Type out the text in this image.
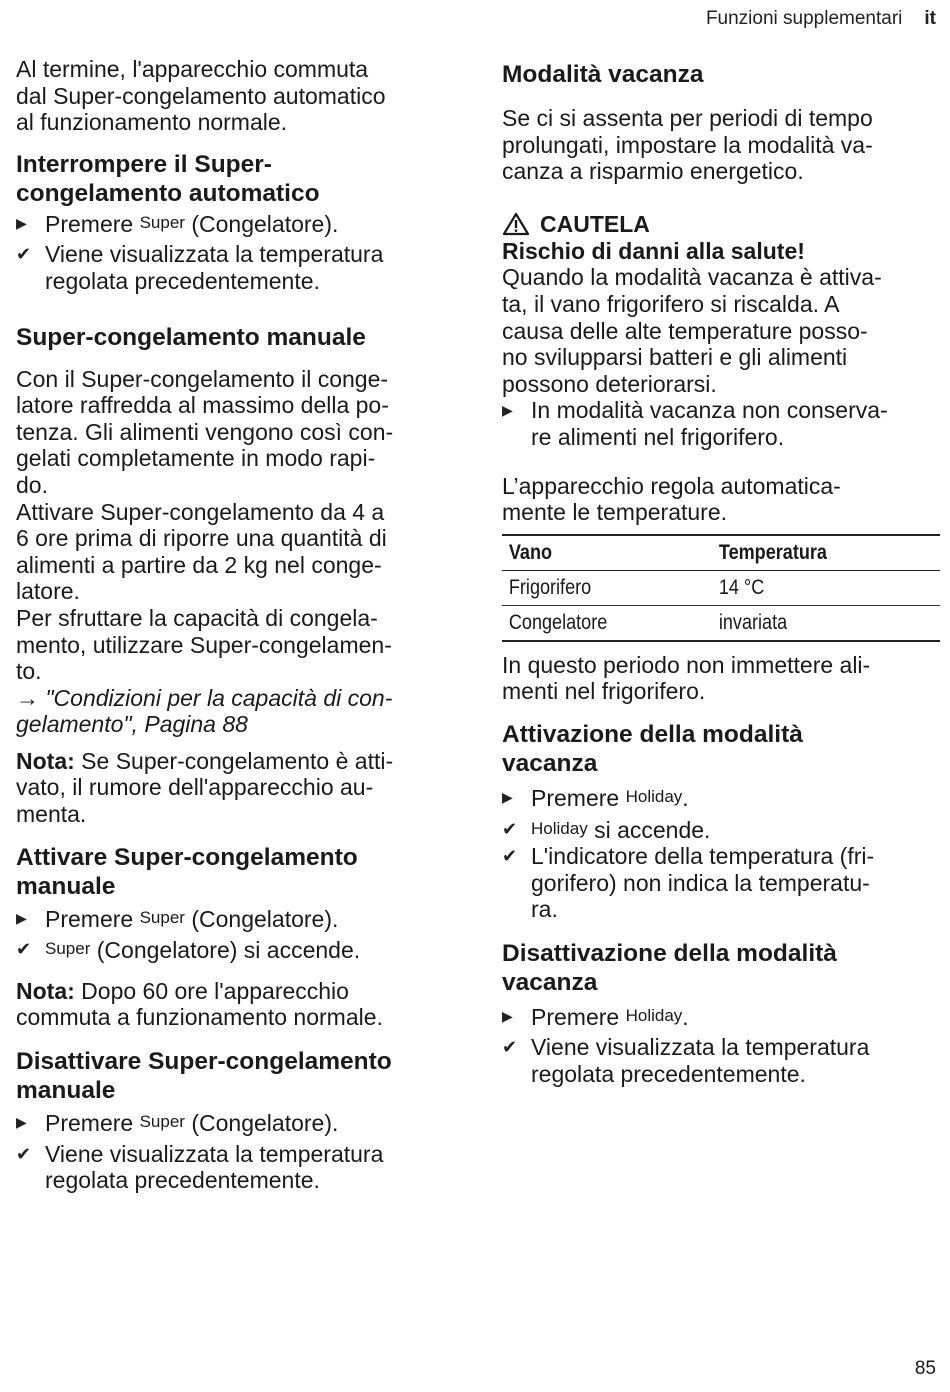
Funzioni supplementari it

Al termine, l'apparecchio commuta
dal Super-congelamento automatico
al funzionamento normale.

Interrompere il Super-
congelamento automatico
▶ Premere Super (Congelatore).
✔ Viene visualizzata la temperatura
regolata precedentemente.
Super-congelamento manuale

Con il Super-congelamento il conge-
latore raffredda al massimo della po-
tenza. Gli alimenti vengono così con-
gelati completamente in modo rapi-
do.
Attivare Super-congelamento da 4 a
6 ore prima di riporre una quantità di
alimenti a partire da 2 kg nel conge-
latore.
Per sfruttare la capacità di congela-
mento, utilizzare Super-congelamen-
to.

→ "Condizioni per la capacità di con-
gelamento", Pagina 88

Nota: Se Super-congelamento è atti-
vato, il rumore dell'apparecchio au-
menta.

Attivare Super-congelamento
manuale
▶ Premere Super (Congelatore).
✔ Super (Congelatore) si accende.

Nota: Dopo 60 ore l'apparecchio
commuta a funzionamento normale.

Disattivare Super-congelamento
manuale
▶ Premere Super (Congelatore).
✔ Viene visualizzata la temperatura
regolata precedentemente.
Modalità vacanza

Se ci si assenta per periodi di tempo
prolungati, impostare la modalità va-
canza a risparmio energetico.

CAUTELA

Rischio di danni alla salute!

Quando la modalità vacanza è attiva-
ta, il vano frigorifero si riscalda. A
causa delle alte temperature posso-
no svilupparsi batteri e gli alimenti
possono deteriorarsi.

▶ In modalità vacanza non conserva-
re alimenti nel frigorifero.

L’apparecchio regola automatica-
mente le temperature.

Vano	Temperatura
Frigorifero	14 °C
Congelatore	invariata

In questo periodo non immettere ali-
menti nel frigorifero.

Attivazione della modalità
vacanza
▶ Premere Holiday.
✔ Holiday si accende.
✔ L'indicatore della temperatura (fri-
gorifero) non indica la temperatu-
ra.
Disattivazione della modalità
vacanza
▶ Premere Holiday.
✔ Viene visualizzata la temperatura
regolata precedentemente.
85
